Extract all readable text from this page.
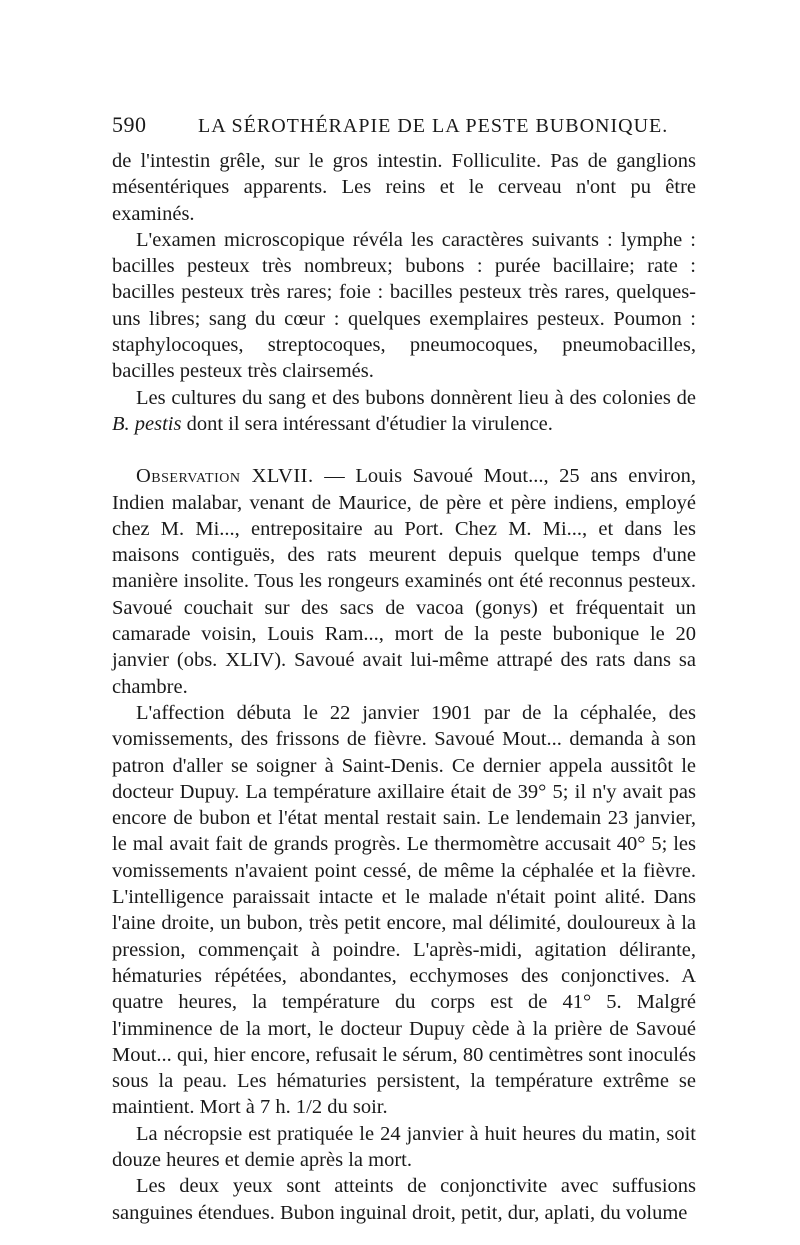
590	LA SÉROTHÉRAPIE DE LA PESTE BUBONIQUE.

de l'intestin grêle, sur le gros intestin. Folliculite. Pas de ganglions mésentériques apparents. Les reins et le cerveau n'ont pu être examinés.

L'examen microscopique révéla les caractères suivants : lymphe : bacilles pesteux très nombreux; bubons : purée bacillaire; rate : bacilles pesteux très rares; foie : bacilles pesteux très rares, quelques-uns libres; sang du cœur : quelques exemplaires pesteux. Poumon : staphylocoques, streptocoques, pneumocoques, pneumobacilles, bacilles pesteux très clairsemés.

Les cultures du sang et des bubons donnèrent lieu à des colonies de B. pestis dont il sera intéressant d'étudier la virulence.

Observation XLVII. — Louis Savoué Mout..., 25 ans environ, Indien malabar, venant de Maurice, de père et père indiens, employé chez M. Mi..., entrepositaire au Port. Chez M. Mi..., et dans les maisons contiguës, des rats meurent depuis quelque temps d'une manière insolite. Tous les rongeurs examinés ont été reconnus pesteux. Savoué couchait sur des sacs de vacoa (gonys) et fréquentait un camarade voisin, Louis Ram..., mort de la peste bubonique le 20 janvier (obs. XLIV). Savoué avait lui-même attrapé des rats dans sa chambre.

L'affection débuta le 22 janvier 1901 par de la céphalée, des vomissements, des frissons de fièvre. Savoué Mout... demanda à son patron d'aller se soigner à Saint-Denis. Ce dernier appela aussitôt le docteur Dupuy. La température axillaire était de 39° 5; il n'y avait pas encore de bubon et l'état mental restait sain. Le lendemain 23 janvier, le mal avait fait de grands progrès. Le thermomètre accusait 40° 5; les vomissements n'avaient point cessé, de même la céphalée et la fièvre. L'intelligence paraissait intacte et le malade n'était point alité. Dans l'aine droite, un bubon, très petit encore, mal délimité, douloureux à la pression, commençait à poindre. L'après-midi, agitation délirante, hématuries répétées, abondantes, ecchymoses des conjonctives. A quatre heures, la température du corps est de 41° 5. Malgré l'imminence de la mort, le docteur Dupuy cède à la prière de Savoué Mout... qui, hier encore, refusait le sérum, 80 centimètres sont inoculés sous la peau. Les hématuries persistent, la température extrême se maintient. Mort à 7 h. 1/2 du soir.

La nécropsie est pratiquée le 24 janvier à huit heures du matin, soit douze heures et demie après la mort.

Les deux yeux sont atteints de conjonctivite avec suffusions sanguines étendues. Bubon inguinal droit, petit, dur, aplati, du volume
